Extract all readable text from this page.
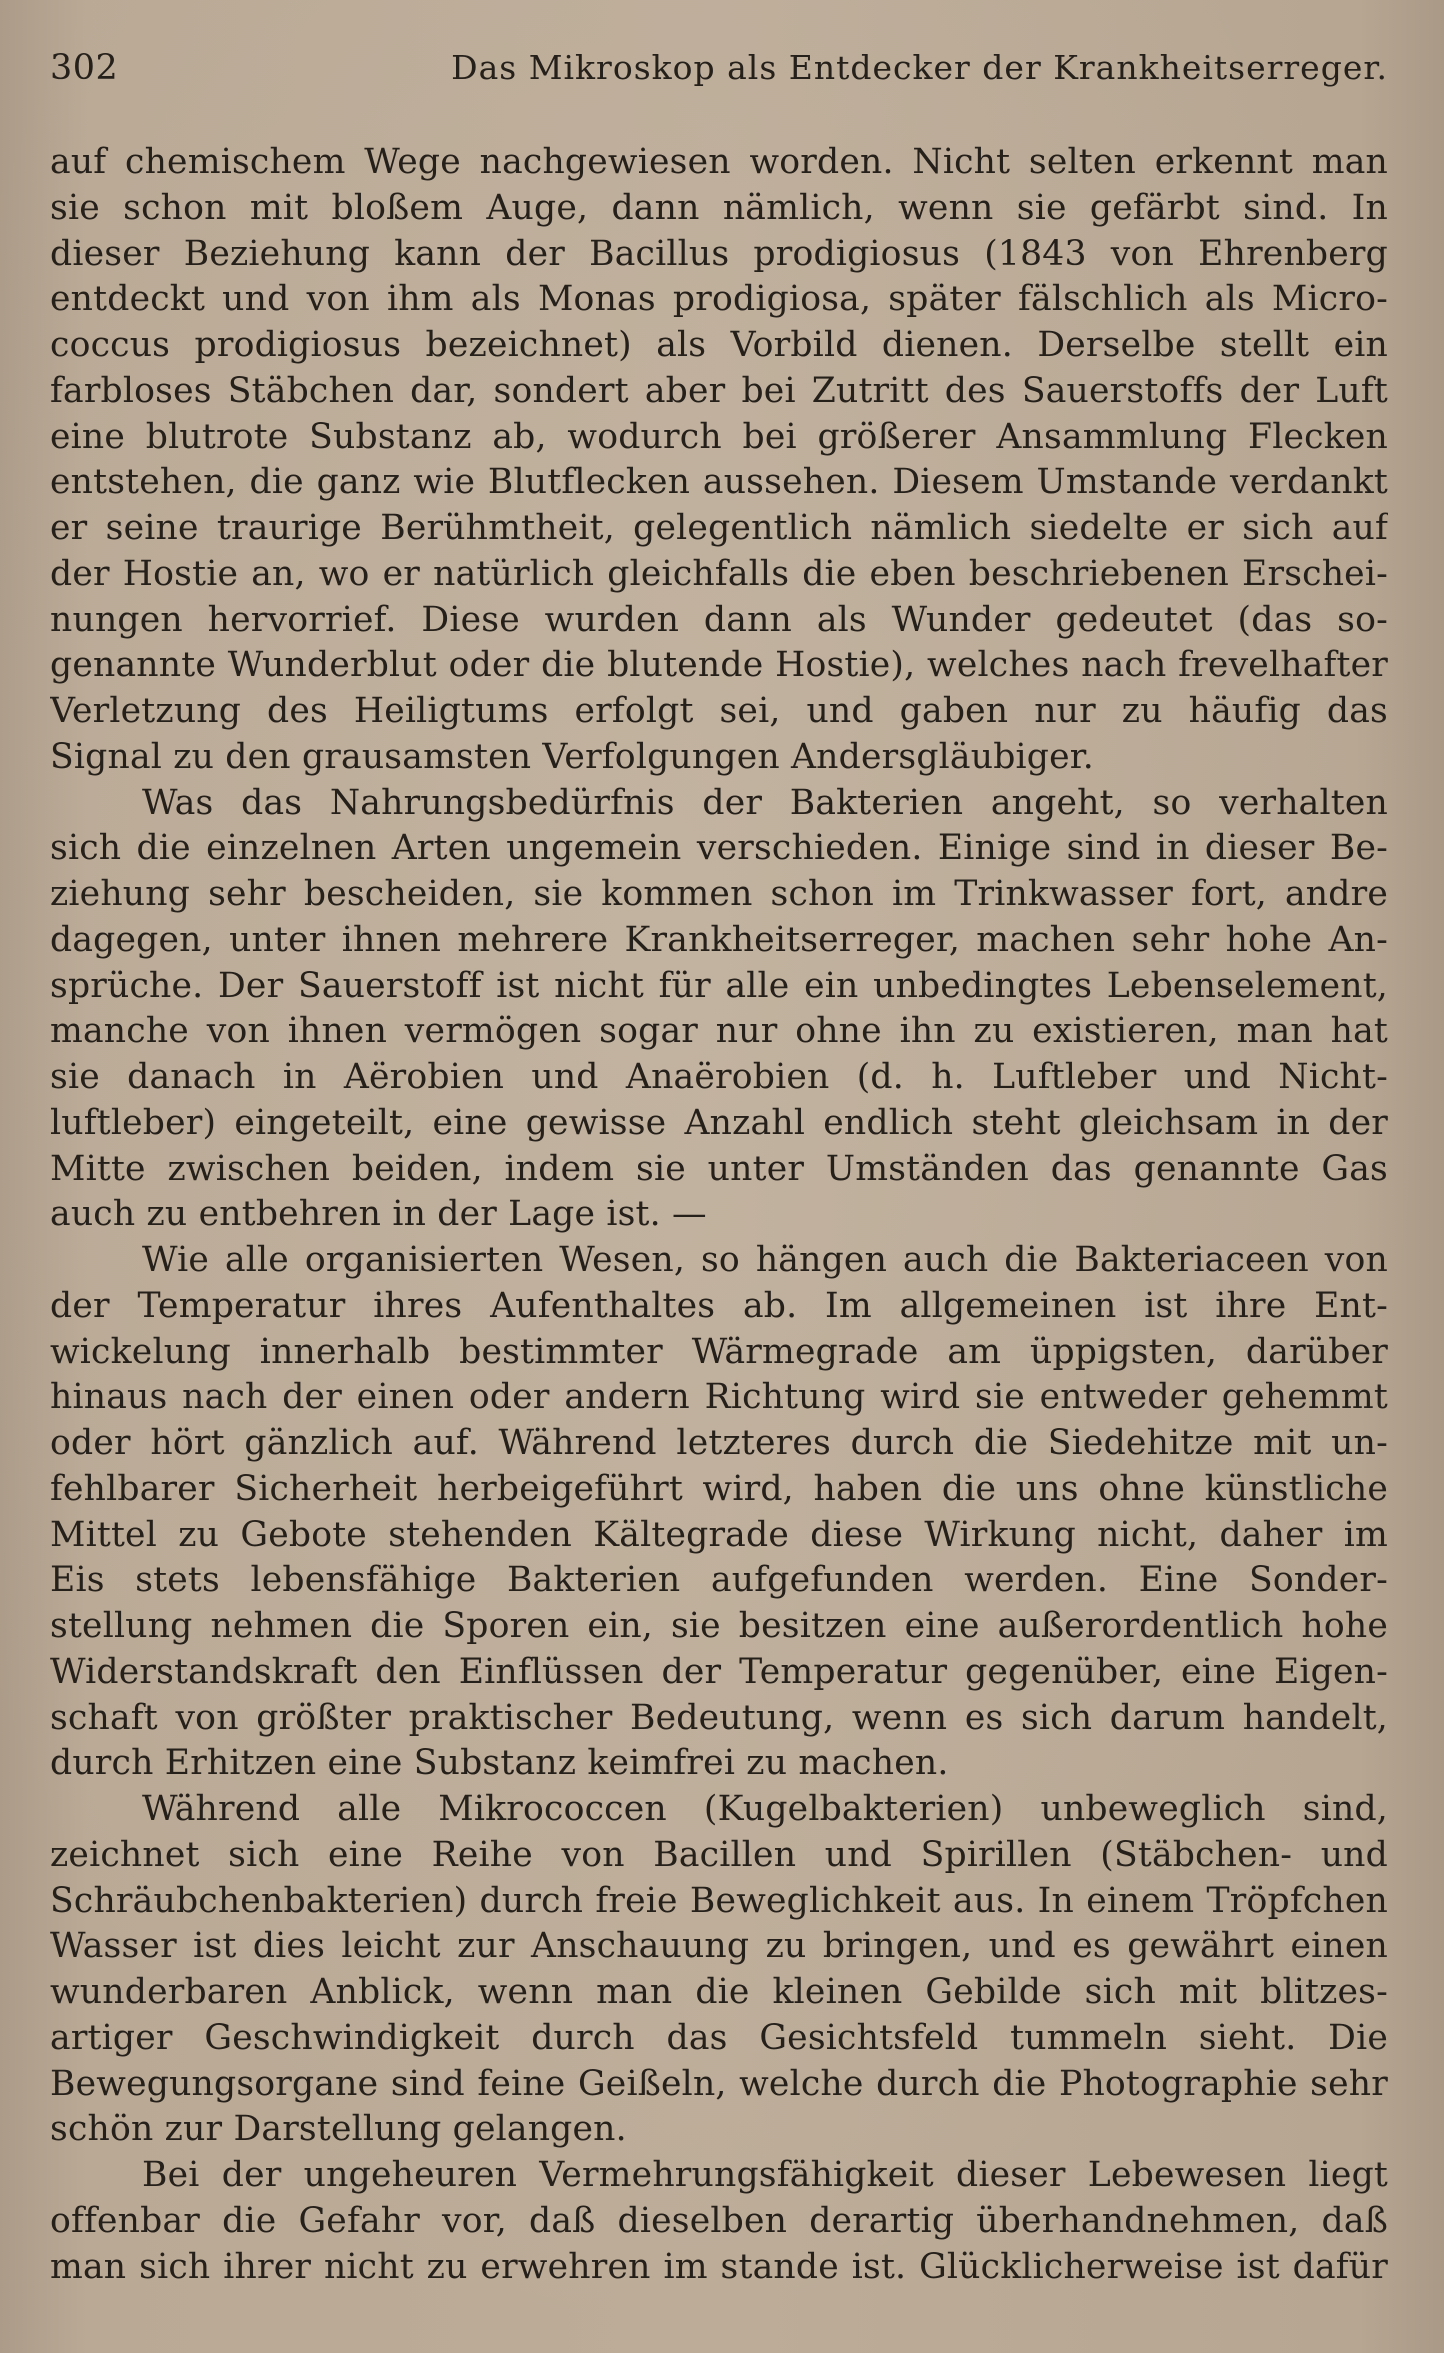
302	Das Mikroskop als Entdecker der Krankheitserreger.

auf chemischem Wege nachgewiesen worden. Nicht selten erkennt man
sie schon mit bloßem Auge, dann nämlich, wenn sie gefärbt sind. In
dieser Beziehung kann der Bacillus prodigiosus (1843 von Ehrenberg
entdeckt und von ihm als Monas prodigiosa, später fälschlich als Micro-
coccus prodigiosus bezeichnet) als Vorbild dienen. Derselbe stellt ein
farbloses Stäbchen dar, sondert aber bei Zutritt des Sauerstoffs der Luft
eine blutrote Substanz ab, wodurch bei größerer Ansammlung Flecken
entstehen, die ganz wie Blutflecken aussehen. Diesem Umstande verdankt
er seine traurige Berühmtheit, gelegentlich nämlich siedelte er sich auf
der Hostie an, wo er natürlich gleichfalls die eben beschriebenen Erschei-
nungen hervorrief. Diese wurden dann als Wunder gedeutet (das so-
genannte Wunderblut oder die blutende Hostie), welches nach frevelhafter
Verletzung des Heiligtums erfolgt sei, und gaben nur zu häufig das
Signal zu den grausamsten Verfolgungen Andersgläubiger.

Was das Nahrungsbedürfnis der Bakterien angeht, so verhalten
sich die einzelnen Arten ungemein verschieden. Einige sind in dieser Be-
ziehung sehr bescheiden, sie kommen schon im Trinkwasser fort, andre
dagegen, unter ihnen mehrere Krankheitserreger, machen sehr hohe An-
sprüche. Der Sauerstoff ist nicht für alle ein unbedingtes Lebenselement,
manche von ihnen vermögen sogar nur ohne ihn zu existieren, man hat
sie danach in Aërobien und Anaërobien (d. h. Luftleber und Nicht-
luftleber) eingeteilt, eine gewisse Anzahl endlich steht gleichsam in der
Mitte zwischen beiden, indem sie unter Umständen das genannte Gas
auch zu entbehren in der Lage ist. —

Wie alle organisierten Wesen, so hängen auch die Bakteriaceen von
der Temperatur ihres Aufenthaltes ab. Im allgemeinen ist ihre Ent-
wickelung innerhalb bestimmter Wärmegrade am üppigsten, darüber
hinaus nach der einen oder andern Richtung wird sie entweder gehemmt
oder hört gänzlich auf. Während letzteres durch die Siedehitze mit un-
fehlbarer Sicherheit herbeigeführt wird, haben die uns ohne künstliche
Mittel zu Gebote stehenden Kältegrade diese Wirkung nicht, daher im
Eis stets lebensfähige Bakterien aufgefunden werden. Eine Sonder-
stellung nehmen die Sporen ein, sie besitzen eine außerordentlich hohe
Widerstandskraft den Einflüssen der Temperatur gegenüber, eine Eigen-
schaft von größter praktischer Bedeutung, wenn es sich darum handelt,
durch Erhitzen eine Substanz keimfrei zu machen.

Während alle Mikrococcen (Kugelbakterien) unbeweglich sind,
zeichnet sich eine Reihe von Bacillen und Spirillen (Stäbchen- und
Schräubchenbakterien) durch freie Beweglichkeit aus. In einem Tröpfchen
Wasser ist dies leicht zur Anschauung zu bringen, und es gewährt einen
wunderbaren Anblick, wenn man die kleinen Gebilde sich mit blitzes-
artiger Geschwindigkeit durch das Gesichtsfeld tummeln sieht. Die
Bewegungsorgane sind feine Geißeln, welche durch die Photographie sehr
schön zur Darstellung gelangen.

Bei der ungeheuren Vermehrungsfähigkeit dieser Lebewesen liegt
offenbar die Gefahr vor, daß dieselben derartig überhandnehmen, daß
man sich ihrer nicht zu erwehren im stande ist. Glücklicherweise ist dafür
